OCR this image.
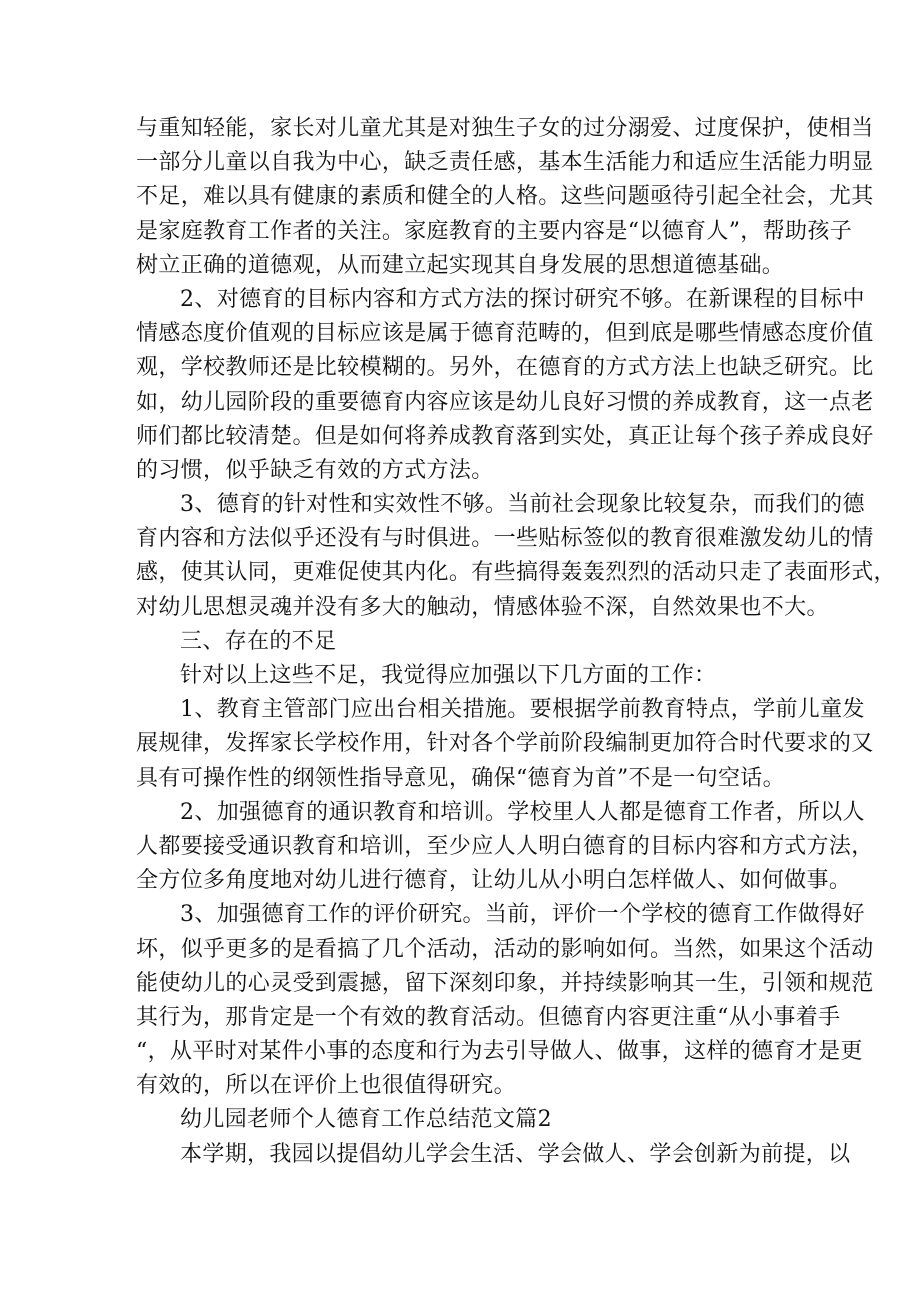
与重知轻能，家长对儿童尤其是对独生子女的过分溺爱、过度保护，使相当
一部分儿童以自我为中心，缺乏责任感，基本生活能力和适应生活能力明显
不足，难以具有健康的素质和健全的人格。这些问题亟待引起全社会，尤其
是家庭教育工作者的关注。家庭教育的主要内容是“以德育人”，帮助孩子
树立正确的道德观，从而建立起实现其自身发展的思想道德基础。
2、对德育的目标内容和方式方法的探讨研究不够。在新课程的目标中
情感态度价值观的目标应该是属于德育范畴的，但到底是哪些情感态度价值
观，学校教师还是比较模糊的。另外，在德育的方式方法上也缺乏研究。比
如，幼儿园阶段的重要德育内容应该是幼儿良好习惯的养成教育，这一点老
师们都比较清楚。但是如何将养成教育落到实处，真正让每个孩子养成良好
的习惯，似乎缺乏有效的方式方法。
3、德育的针对性和实效性不够。当前社会现象比较复杂，而我们的德
育内容和方法似乎还没有与时俱进。一些贴标签似的教育很难激发幼儿的情
感，使其认同，更难促使其内化。有些搞得轰轰烈烈的活动只走了表面形式，
对幼儿思想灵魂并没有多大的触动，情感体验不深，自然效果也不大。
三、存在的不足
针对以上这些不足，我觉得应加强以下几方面的工作：
1、教育主管部门应出台相关措施。要根据学前教育特点，学前儿童发
展规律，发挥家长学校作用，针对各个学前阶段编制更加符合时代要求的又
具有可操作性的纲领性指导意见，确保“德育为首”不是一句空话。
2、加强德育的通识教育和培训。学校里人人都是德育工作者，所以人
人都要接受通识教育和培训，至少应人人明白德育的目标内容和方式方法，
全方位多角度地对幼儿进行德育，让幼儿从小明白怎样做人、如何做事。
3、加强德育工作的评价研究。当前，评价一个学校的德育工作做得好
坏，似乎更多的是看搞了几个活动，活动的影响如何。当然，如果这个活动
能使幼儿的心灵受到震撼，留下深刻印象，并持续影响其一生，引领和规范
其行为，那肯定是一个有效的教育活动。但德育内容更注重“从小事着手
“，从平时对某件小事的态度和行为去引导做人、做事，这样的德育才是更
有效的，所以在评价上也很值得研究。
幼儿园老师个人德育工作总结范文篇2
本学期，我园以提倡幼儿学会生活、学会做人、学会创新为前提，以
